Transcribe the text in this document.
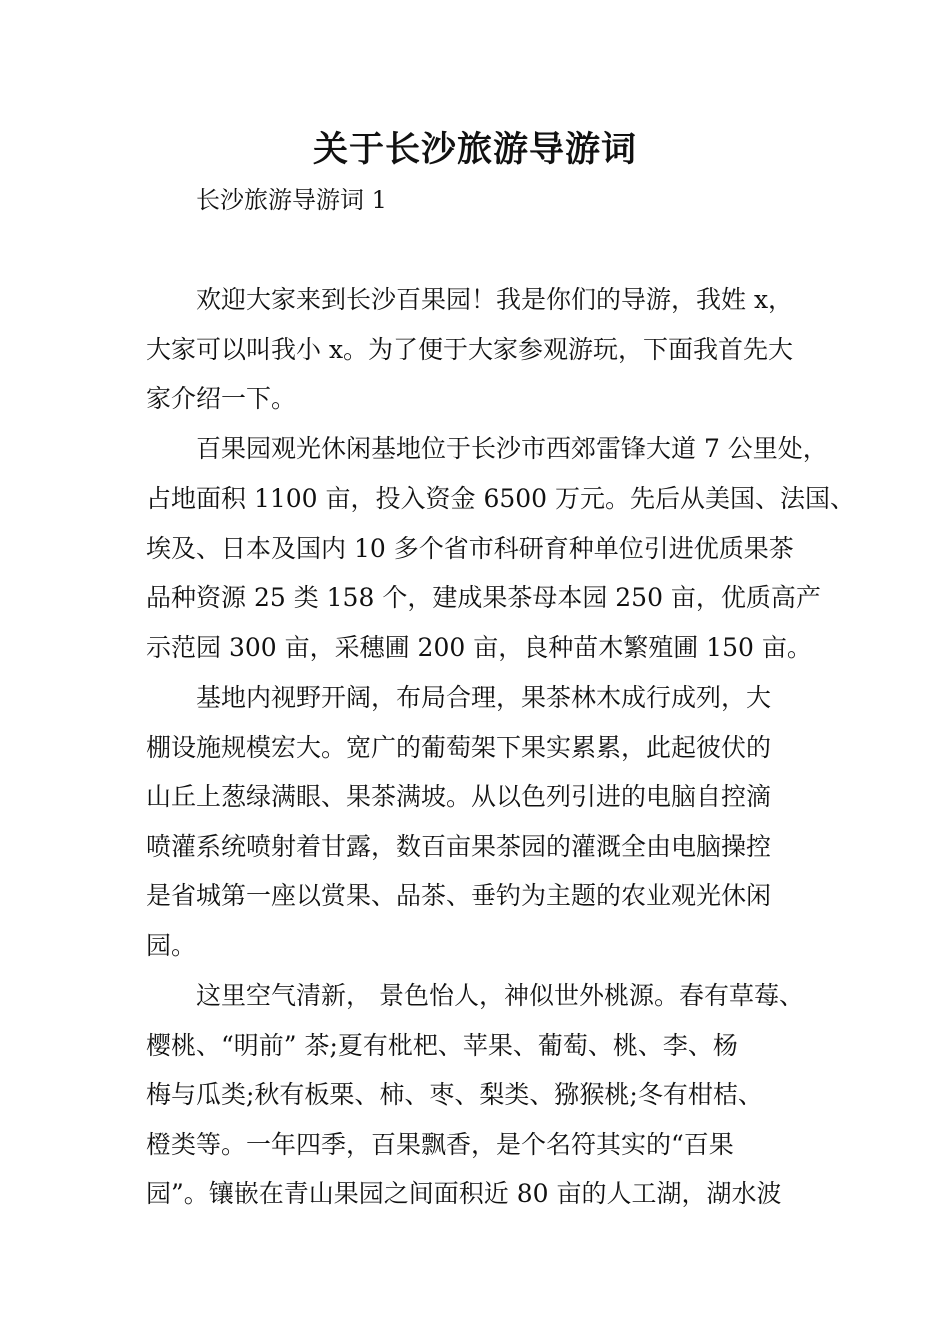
关于长沙旅游导游词
长沙旅游导游词 1
欢迎大家来到长沙百果园！我是你们的导游，我姓 x，
大家可以叫我小 x。为了便于大家参观游玩，下面我首先大
家介绍一下。
百果园观光休闲基地位于长沙市西郊雷锋大道 7 公里处，
占地面积 1100 亩，投入资金 6500 万元。先后从美国、法国、
埃及、日本及国内 10 多个省市科研育种单位引进优质果茶
品种资源 25 类 158 个，建成果茶母本园 250 亩，优质高产
示范园 300 亩，采穗圃 200 亩，良种苗木繁殖圃 150 亩。
基地内视野开阔，布局合理，果茶林木成行成列，大
棚设施规模宏大。宽广的葡萄架下果实累累，此起彼伏的
山丘上葱绿满眼、果茶满坡。从以色列引进的电脑自控滴
喷灌系统喷射着甘露，数百亩果茶园的灌溉全由电脑操控
是省城第一座以赏果、品茶、垂钓为主题的农业观光休闲
园。
这里空气清新， 景色怡人，神似世外桃源。春有草莓、
樱桃、“明前” 茶;夏有枇杷、苹果、葡萄、桃、李、杨
梅与瓜类;秋有板栗、柿、枣、梨类、猕猴桃;冬有柑桔、
橙类等。一年四季，百果飘香，是个名符其实的“百果
园”。镶嵌在青山果园之间面积近 80 亩的人工湖，湖水波
